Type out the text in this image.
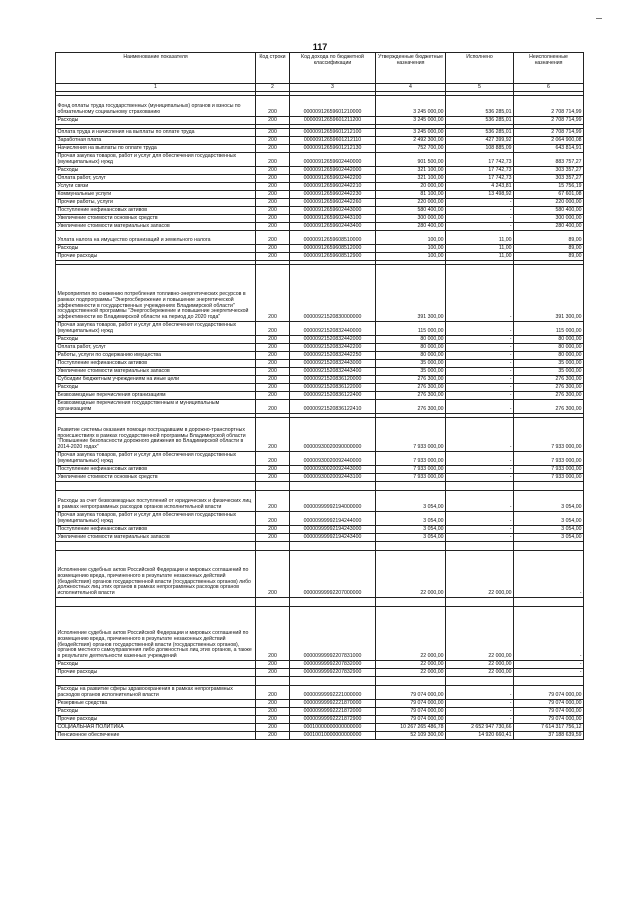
117
Наименование показателя	Код строки	Код дохода по бюджетной классификации	Утвержденные бюджетные назначения	Исполнено	Неисполненные назначения
1	2	3	4	5	6

Фонд оплаты труда государственных (муниципальных) органов и взносы по обязательному социальному страхованию	200	00000912659601210000	3 245 000,00	536 285,01	2 708 714,99
Расходы	200	00000912659601211200	3 245 000,00	536 285,01	2 708 714,99

Оплата труда и начисления на выплаты по оплате труда	200	00000912659601212100	3 245 000,00	536 285,01	2 708 714,99
Заработная плата	200	00000912659601212110	2 492 300,00	427 399,92	2 064 900,08
Начисления на выплаты по оплате труда	200	00000912659601212130	752 700,00	108 885,09	643 814,91
Прочая закупка товаров, работ и услуг для обеспечения государственных (муниципальных) нужд	200	00000912659602440000	901 500,00	17 742,73	883 757,27
Расходы	200	00000912659602442000	321 100,00	17 742,73	303 357,27
Оплата работ, услуг	200	00000912659602442200	321 100,00	17 742,73	303 357,27
Услуги связи	200	00000912659602442210	20 000,00	4 243,81	15 756,19
Коммунальные услуги	200	00000912659602442230	81 100,00	13 498,92	67 601,08
Прочие работы, услуги	200	00000912659602442260	220 000,00	-	220 000,00
Поступление нефинансовых активов	200	00000912659602443000	580 400,00	-	580 400,00
Увеличение стоимости основных средств	200	00000912659602443100	300 000,00	-	300 000,00
Увеличение стоимости материальных запасов	200	00000912659602443400	280 400,00	-	280 400,00
Уплата налога на имущество организаций и земельного налога	200	00000912659608510000	100,00	11,00	89,00
Расходы	200	00000912659608512000	100,00	11,00	89,00
Прочие расходы	200	00000912659608512900	100,00	11,00	89,00

Мероприятия по снижению потребления топливно-энергетических ресурсов в рамках подпрограммы "Энергосбережение и повышение энергетической эффективности в государственных учреждениях Владимирской области" государственной программы "Энергосбережение и повышение энергетической эффективности во Владимирской области на период до 2020 года"	200	00000921520830000000	391 300,00	-	391 300,00
Прочая закупка товаров, работ и услуг для обеспечения государственных (муниципальных) нужд	200	00000921520832440000	115 000,00	-	115 000,00
Расходы	200	00000921520832442000	80 000,00	-	80 000,00
Оплата работ, услуг	200	00000921520832442200	80 000,00	-	80 000,00
Работы, услуги по содержанию имущества	200	00000921520832442250	80 000,00	-	80 000,00
Поступление нефинансовых активов	200	00000921520832443000	35 000,00	-	35 000,00
Увеличение стоимости материальных запасов	200	00000921520832443400	35 000,00	-	35 000,00
Субсидии бюджетным учреждениям на иные цели	200	00000921520836120000	276 300,00	-	276 300,00
Расходы	200	00000921520836122000	276 300,00	-	276 300,00
Безвозмездные перечисления организациям	200	00000921520836122400	276 300,00	-	276 300,00
Безвозмездные перечисления государственным и муниципальным организациям	200	00000921520836122410	276 300,00	-	276 300,00

Развитие системы оказания помощи пострадавшим в дорожно-транспортных происшествиях в рамках государственной программы Владимирской области "Повышение безопасности дорожного движения во Владимирской области в 2014-2020 годах"	200	00000930020090000000	7 933 000,00	-	7 933 000,00
Прочая закупка товаров, работ и услуг для обеспечения государственных (муниципальных) нужд	200	00000930020092440000	7 933 000,00	-	7 933 000,00
Поступление нефинансовых активов	200	00000930020092443000	7 933 000,00	-	7 933 000,00
Увеличение стоимости основных средств	200	00000930020092443100	7 933 000,00	-	7 933 000,00

Расходы за счет безвозмездных поступлений от юридических и физических лиц в рамках непрограммных расходов органов исполнительной власти	200	00000999992194000000	3 054,00	-	3 054,00
Прочая закупка товаров, работ и услуг для обеспечения государственных (муниципальных) нужд	200	00000999992194244000	3 054,00	-	3 054,00
Поступление нефинансовых активов	200	00000999992194243000	3 054,00	-	3 054,00
Увеличение стоимости материальных запасов	200	00000999992194243400	3 054,00	-	3 054,00

Исполнение судебных актов Российской Федерации и мировых соглашений по возмещению вреда, причиненного в результате незаконных действий (бездействия) органов государственной власти (государственных органов) либо должностных лиц этих органов в рамках непрограммных расходов органов исполнительной власти	200	00000999992207000000	22 000,00	22 000,00	-

Исполнение судебных актов Российской Федерации и мировых соглашений по возмещению вреда, причиненного в результате незаконных действий (бездействия) органов государственной власти (государственных органов), органов местного самоуправления либо должностных лиц этих органов, а также в результате деятельности казенных учреждений	200	00000999992207831000	22 000,00	22 000,00	-
Расходы	200	00000999992207832000	22 000,00	22 000,00	-
Прочие расходы	200	00000999992207832900	22 000,00	22 000,00	-

Расходы на развитие сферы здравоохранения в рамках непрограммных расходов органов исполнительной власти	200	00000999992221000000	79 074 000,00	-	79 074 000,00
Резервные средства	200	00000999992221870000	79 074 000,00	-	79 074 000,00
Расходы	200	00000999992221872000	79 074 000,00	-	79 074 000,00
Прочие расходы	200	00000999992221872900	79 074 000,00	-	79 074 000,00
СОЦИАЛЬНАЯ ПОЛИТИКА	200	00010000000000000000	10 267 265 486,78	2 652 947 730,66	7 614 317 756,12
Пенсионное обеспечение	200	00010010000000000000	52 109 300,00	14 920 660,41	37 188 639,59
